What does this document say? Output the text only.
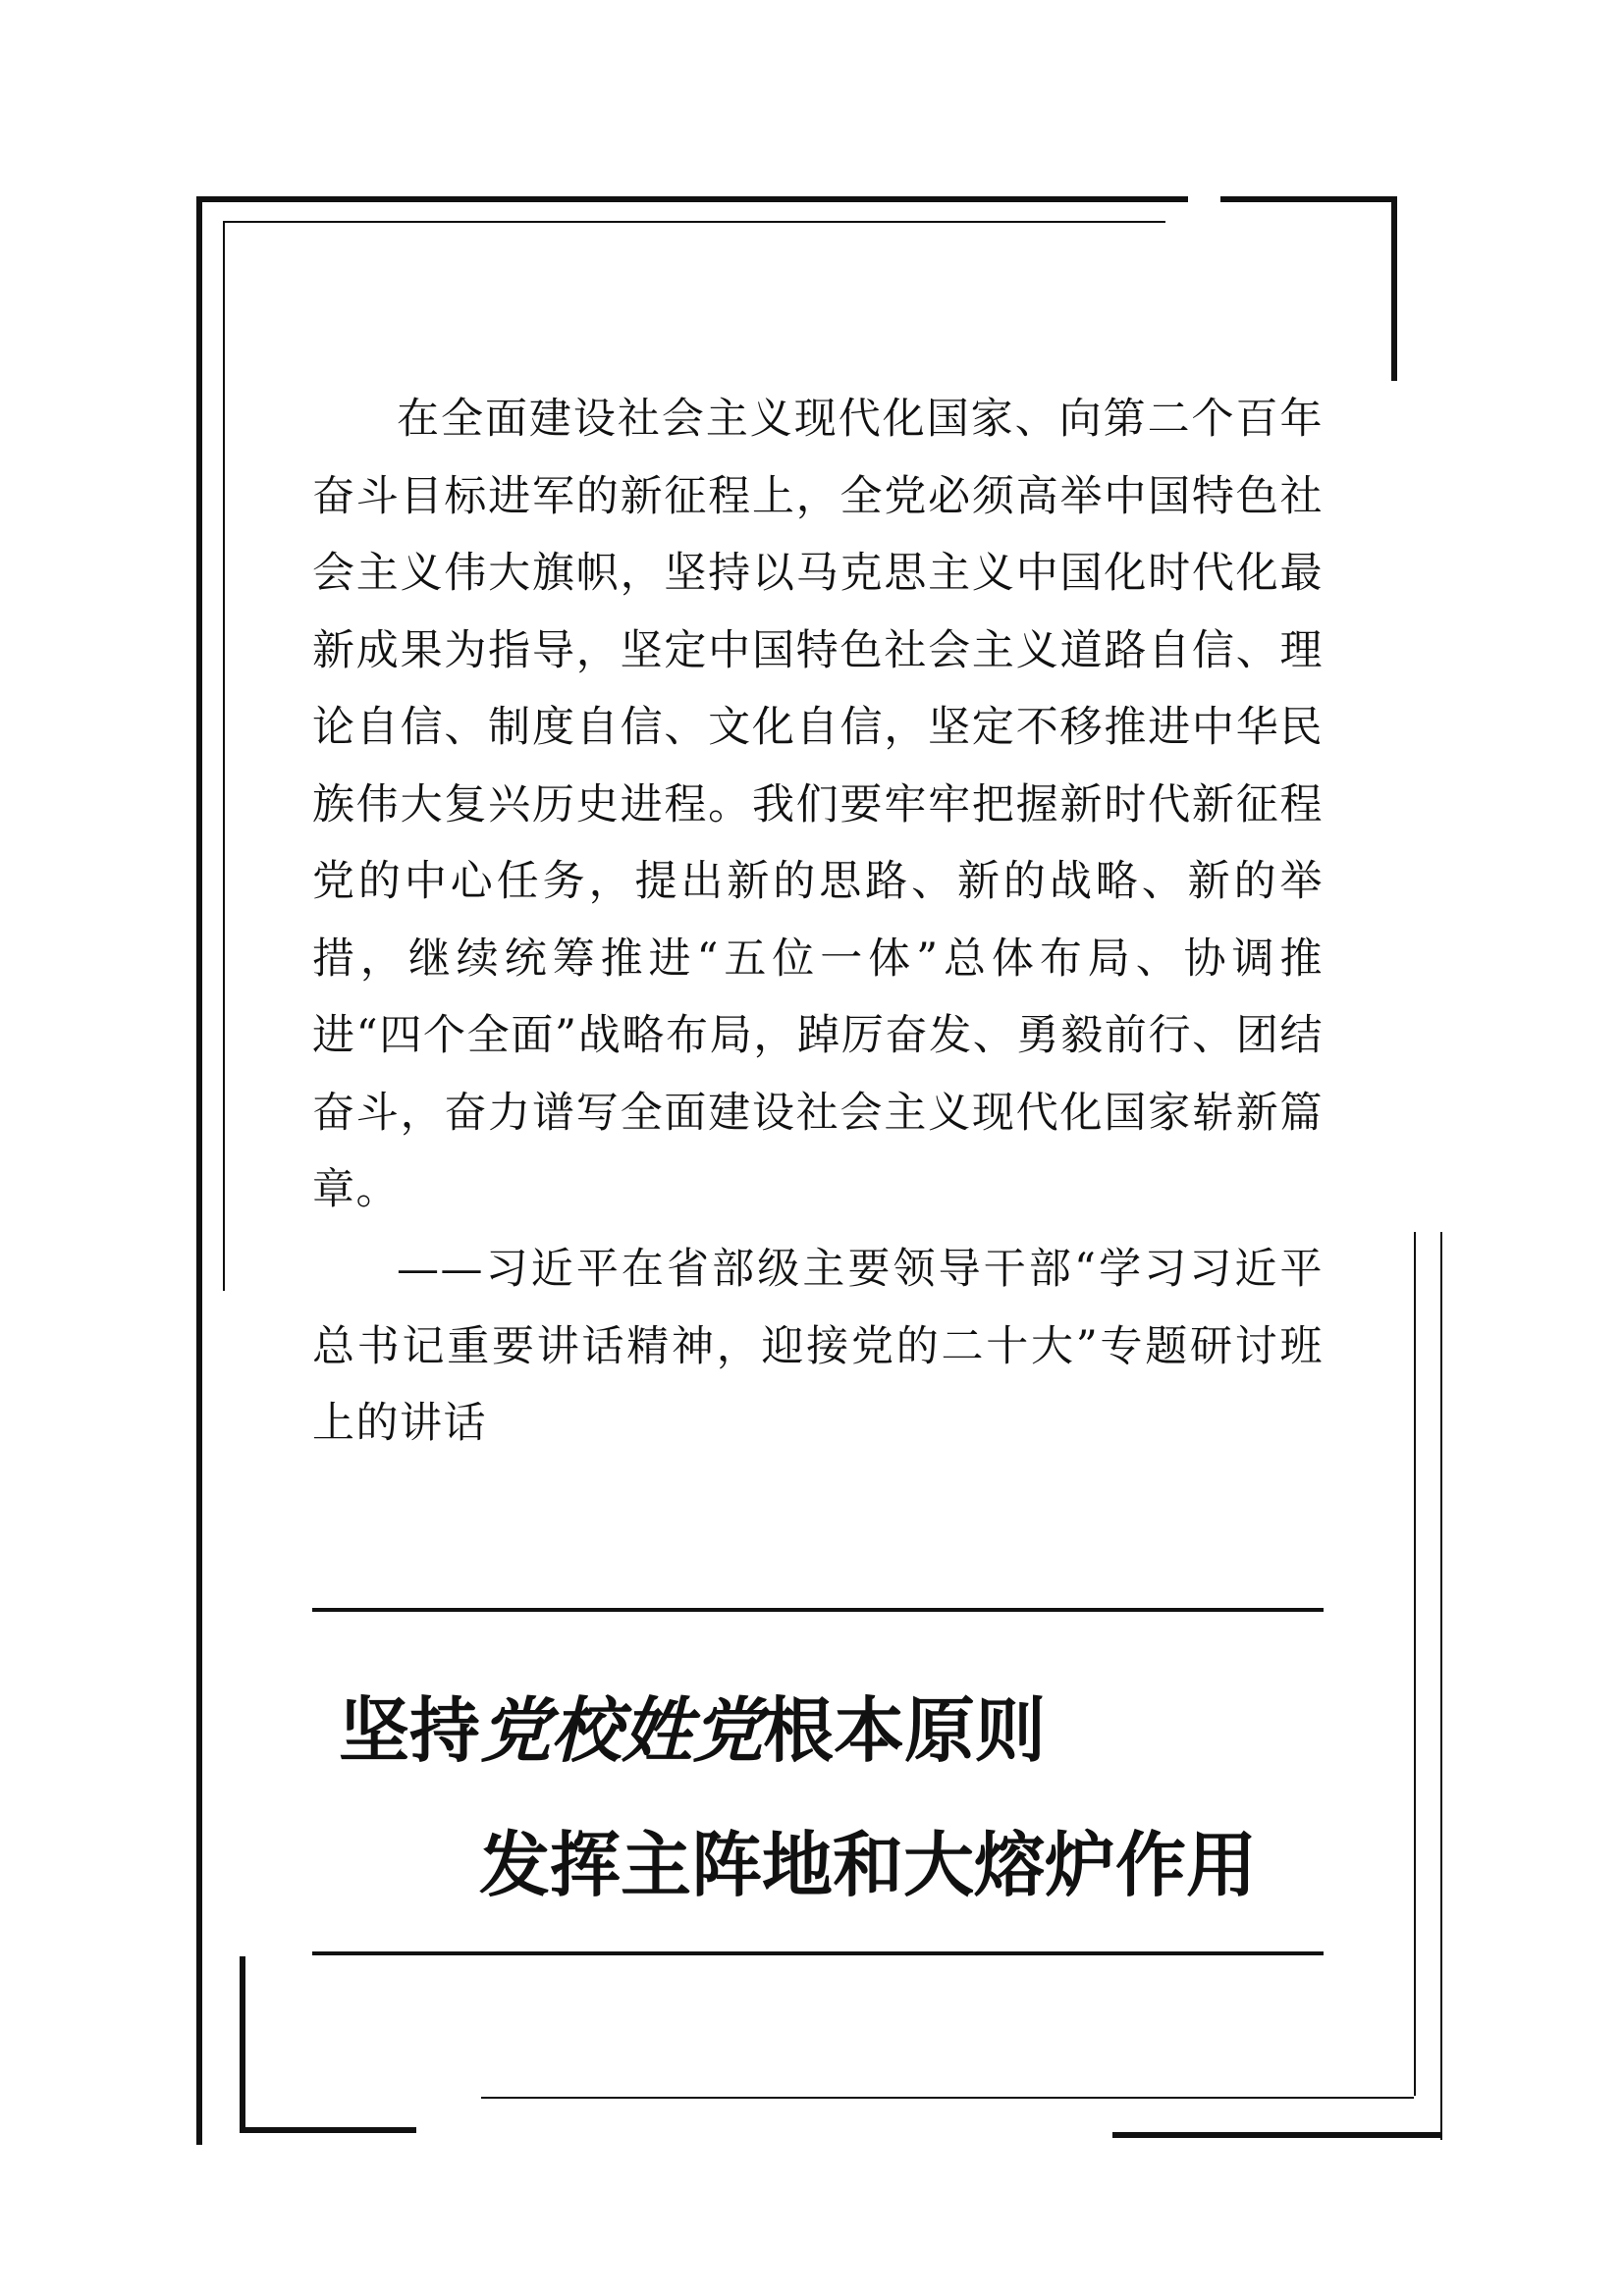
在全面建设社会主义现代化国家、向第二个百年奋斗目标进军的新征程上，全党必须高举中国特色社会主义伟大旗帜，坚持以马克思主义中国化时代化最新成果为指导，坚定中国特色社会主义道路自信、理论自信、制度自信、文化自信，坚定不移推进中华民族伟大复兴历史进程。我们要牢牢把握新时代新征程党的中心任务，提出新的思路、新的战略、新的举措，继续统筹推进“五位一体”总体布局、协调推进“四个全面”战略布局，踔厉奋发、勇毅前行、团结奋斗，奋力谱写全面建设社会主义现代化国家崭新篇章。

——习近平在省部级主要领导干部“学习习近平总书记重要讲话精神，迎接党的二十大”专题研讨班上的讲话

坚持党校姓党根本原则
发挥主阵地和大熔炉作用
